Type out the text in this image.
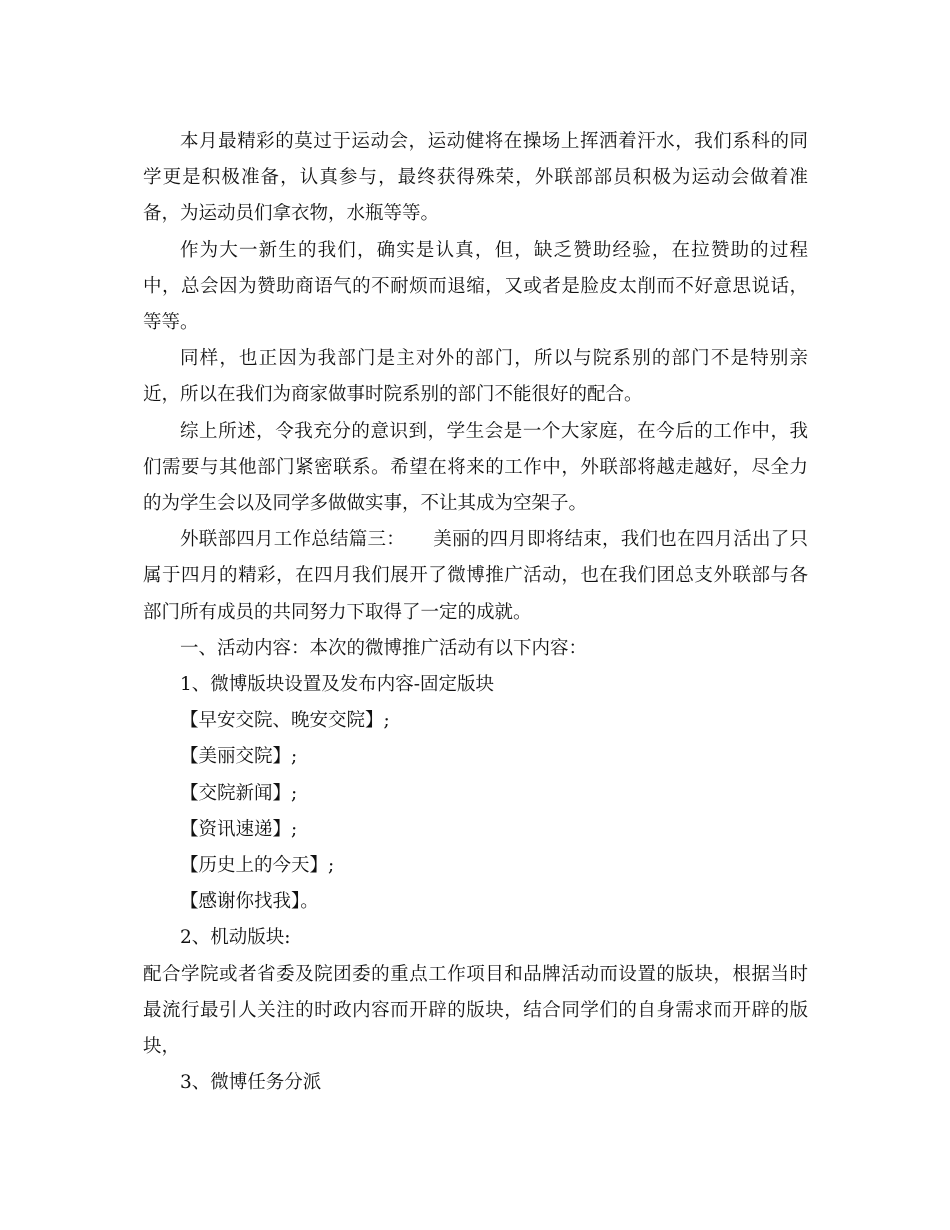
本月最精彩的莫过于运动会，运动健将在操场上挥洒着汗水，我们系科的同学更是积极准备，认真参与，最终获得殊荣，外联部部员积极为运动会做着准备，为运动员们拿衣物，水瓶等等。

作为大一新生的我们，确实是认真，但，缺乏赞助经验，在拉赞助的过程中，总会因为赞助商语气的不耐烦而退缩，又或者是脸皮太削而不好意思说话，等等。

同样，也正因为我部门是主对外的部门，所以与院系别的部门不是特别亲近，所以在我们为商家做事时院系别的部门不能很好的配合。

综上所述，令我充分的意识到，学生会是一个大家庭，在今后的工作中，我们需要与其他部门紧密联系。希望在将来的工作中，外联部将越走越好，尽全力的为学生会以及同学多做做实事，不让其成为空架子。

外联部四月工作总结篇三：　　美丽的四月即将结束，我们也在四月活出了只属于四月的精彩，在四月我们展开了微博推广活动，也在我们团总支外联部与各部门所有成员的共同努力下取得了一定的成就。

一、活动内容：本次的微博推广活动有以下内容：

1、微博版块设置及发布内容-固定版块

【早安交院、晚安交院】;

【美丽交院】;

【交院新闻】;

【资讯速递】;

【历史上的今天】;

【感谢你找我】。

2、机动版块:

配合学院或者省委及院团委的重点工作项目和品牌活动而设置的版块，根据当时最流行最引人关注的时政内容而开辟的版块，结合同学们的自身需求而开辟的版块，

3、微博任务分派
